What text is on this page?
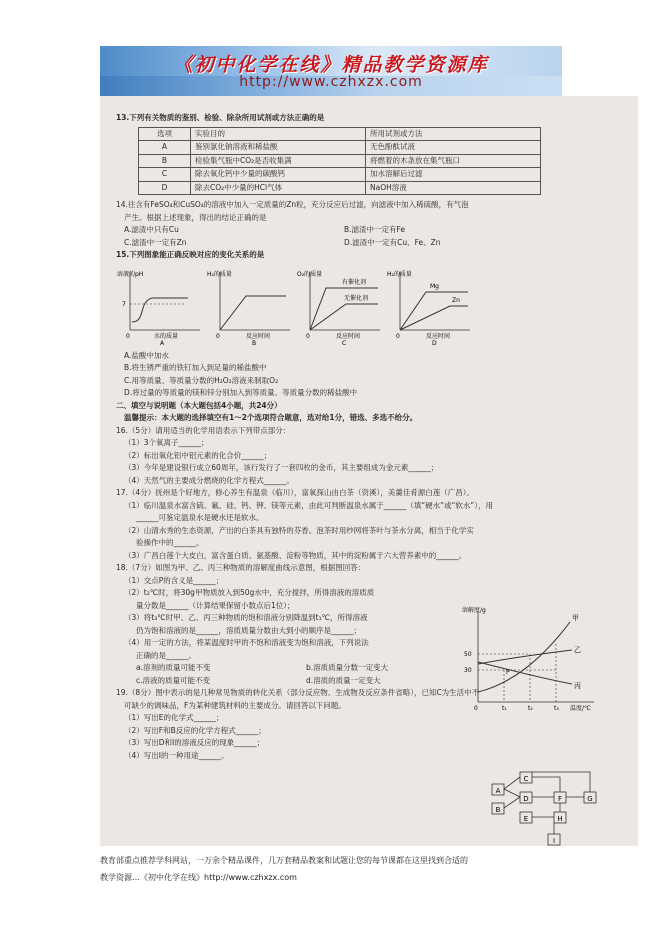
《初中化学在线》精品教学资源库
http://www.czhxzx.com
13.下列有关物质的鉴别、检验、除杂所用试剂或方法正确的是
选项	实验目的	所用试剂或方法
A	鉴别氯化钠溶液和稀盐酸	无色酚酞试液
B	检验集气瓶中CO₂是否收集满	将燃着的木条放在集气瓶口
C	除去氧化钙中少量的碳酸钙	加水溶解后过滤
D	除去CO₂中少量的HCl气体	NaOH溶液
14.往含有FeSO₄和CuSO₄的溶液中加入一定质量的Zn粒，充分反应后过滤，向滤液中加入稀硫酸，有气泡
产生。根据上述现象，得出的结论正确的是
A.滤渣中只有Cu	B.滤渣中一定有Fe
C.滤渣中一定有Zn	D.滤渣中一定有Cu、Fe、Zn
15.下列图象能正确反映对应的变化关系的是
溶液的pH
7
0	水的质量
A
H₂的质量
0	反应时间
B
O₂的质量
有催化剂
无催化剂
0	反应时间
C
H₂的质量
Mg
Zn
0	反应时间
D
A.盐酸中加水
B.将生锈严重的铁钉加入到足量的稀盐酸中
C.用等质量、等质量分数的H₂O₂溶液来制取O₂
D.将过量的等质量的镁和锌分别加入到等质量、等质量分数的稀盐酸中
二、填空与说明题（本大题包括4小题，共24分）
温馨提示：本大题的选择填空有1～2个选项符合题意，选对给1分，错选、多选不给分。
16.（5分）请用适当的化学用语表示下列带点部分：
（1）3个氧离子______；
（2）标出氧化铝中铝元素的化合价______；
（3）今年是建设银行成立60周年，该行发行了一套四枚的金币，其主要组成为金元素______；
（4）天然气的主要成分燃烧的化学方程式______。
17.（4分）抚州是个好地方，修心养生有温泉（临川），富氧探山由白茶（资溪），美羹佳肴源白莲（广昌）。
（1）临川温泉水富含硫、氟、硅、钙、钾、镁等元素，由此可判断温泉水属于______（填“硬水”或“软水”），用
______可鉴定温泉水是硬水还是软水。
（2）山清水秀的生态资源，产出的白茶具有独特的芬香。泡茶时用纱网将茶叶与茶水分离，相当于化学实
验操作中的______。
（3）广昌白莲个大皮白，富含蛋白质、氨基酸、淀粉等物质，其中的淀粉属于六大营养素中的______。
18.（7分）如图为甲、乙、丙三种物质的溶解度曲线示意图，根据图回答：
（1）交点P的含义是______；
（2）t₂℃时，将30g甲物质放入到50g水中，充分搅拌，所得溶液的溶质质
量分数是______（计算结果保留小数点后1位）；
（3）将t₃℃时甲、乙、丙三种物质的饱和溶液分别降温到t₁℃，所得溶液
仍为饱和溶液的是______，溶质质量分数由大到小的顺序是______；
（4）用一定的方法，将某温度时甲的不饱和溶液变为饱和溶液，下列说法
正确的是______。
a.溶剂的质量可能不变	b.溶质质量分数一定变大
c.溶液的质量可能不变	d.溶质的质量一定变大
19.（8分）图中表示的是几种常见物质的转化关系（部分反应物、生成物及反应条件省略），已知C为生活中不
可缺少的调味品，F为某种建筑材料的主要成分。请回答以下问题。
（1）写出E的化学式______；
（2）写出F和B反应的化学方程式______；
（3）写出D和I的溶液反应的现象______；
（4）写出I的一种用途______。
溶解度/g
50
30
甲
乙
丙
P
0	t₁	t₂	t₃ 温度/℃
A
B
C
D
E
F	G
H
I
教育部重点推荐学科网站，一万余个精品课件，几万套精品教案和试题让您的每节课都在这里找到合适的
教学资源…《初中化学在线》http://www.czhxzx.com
